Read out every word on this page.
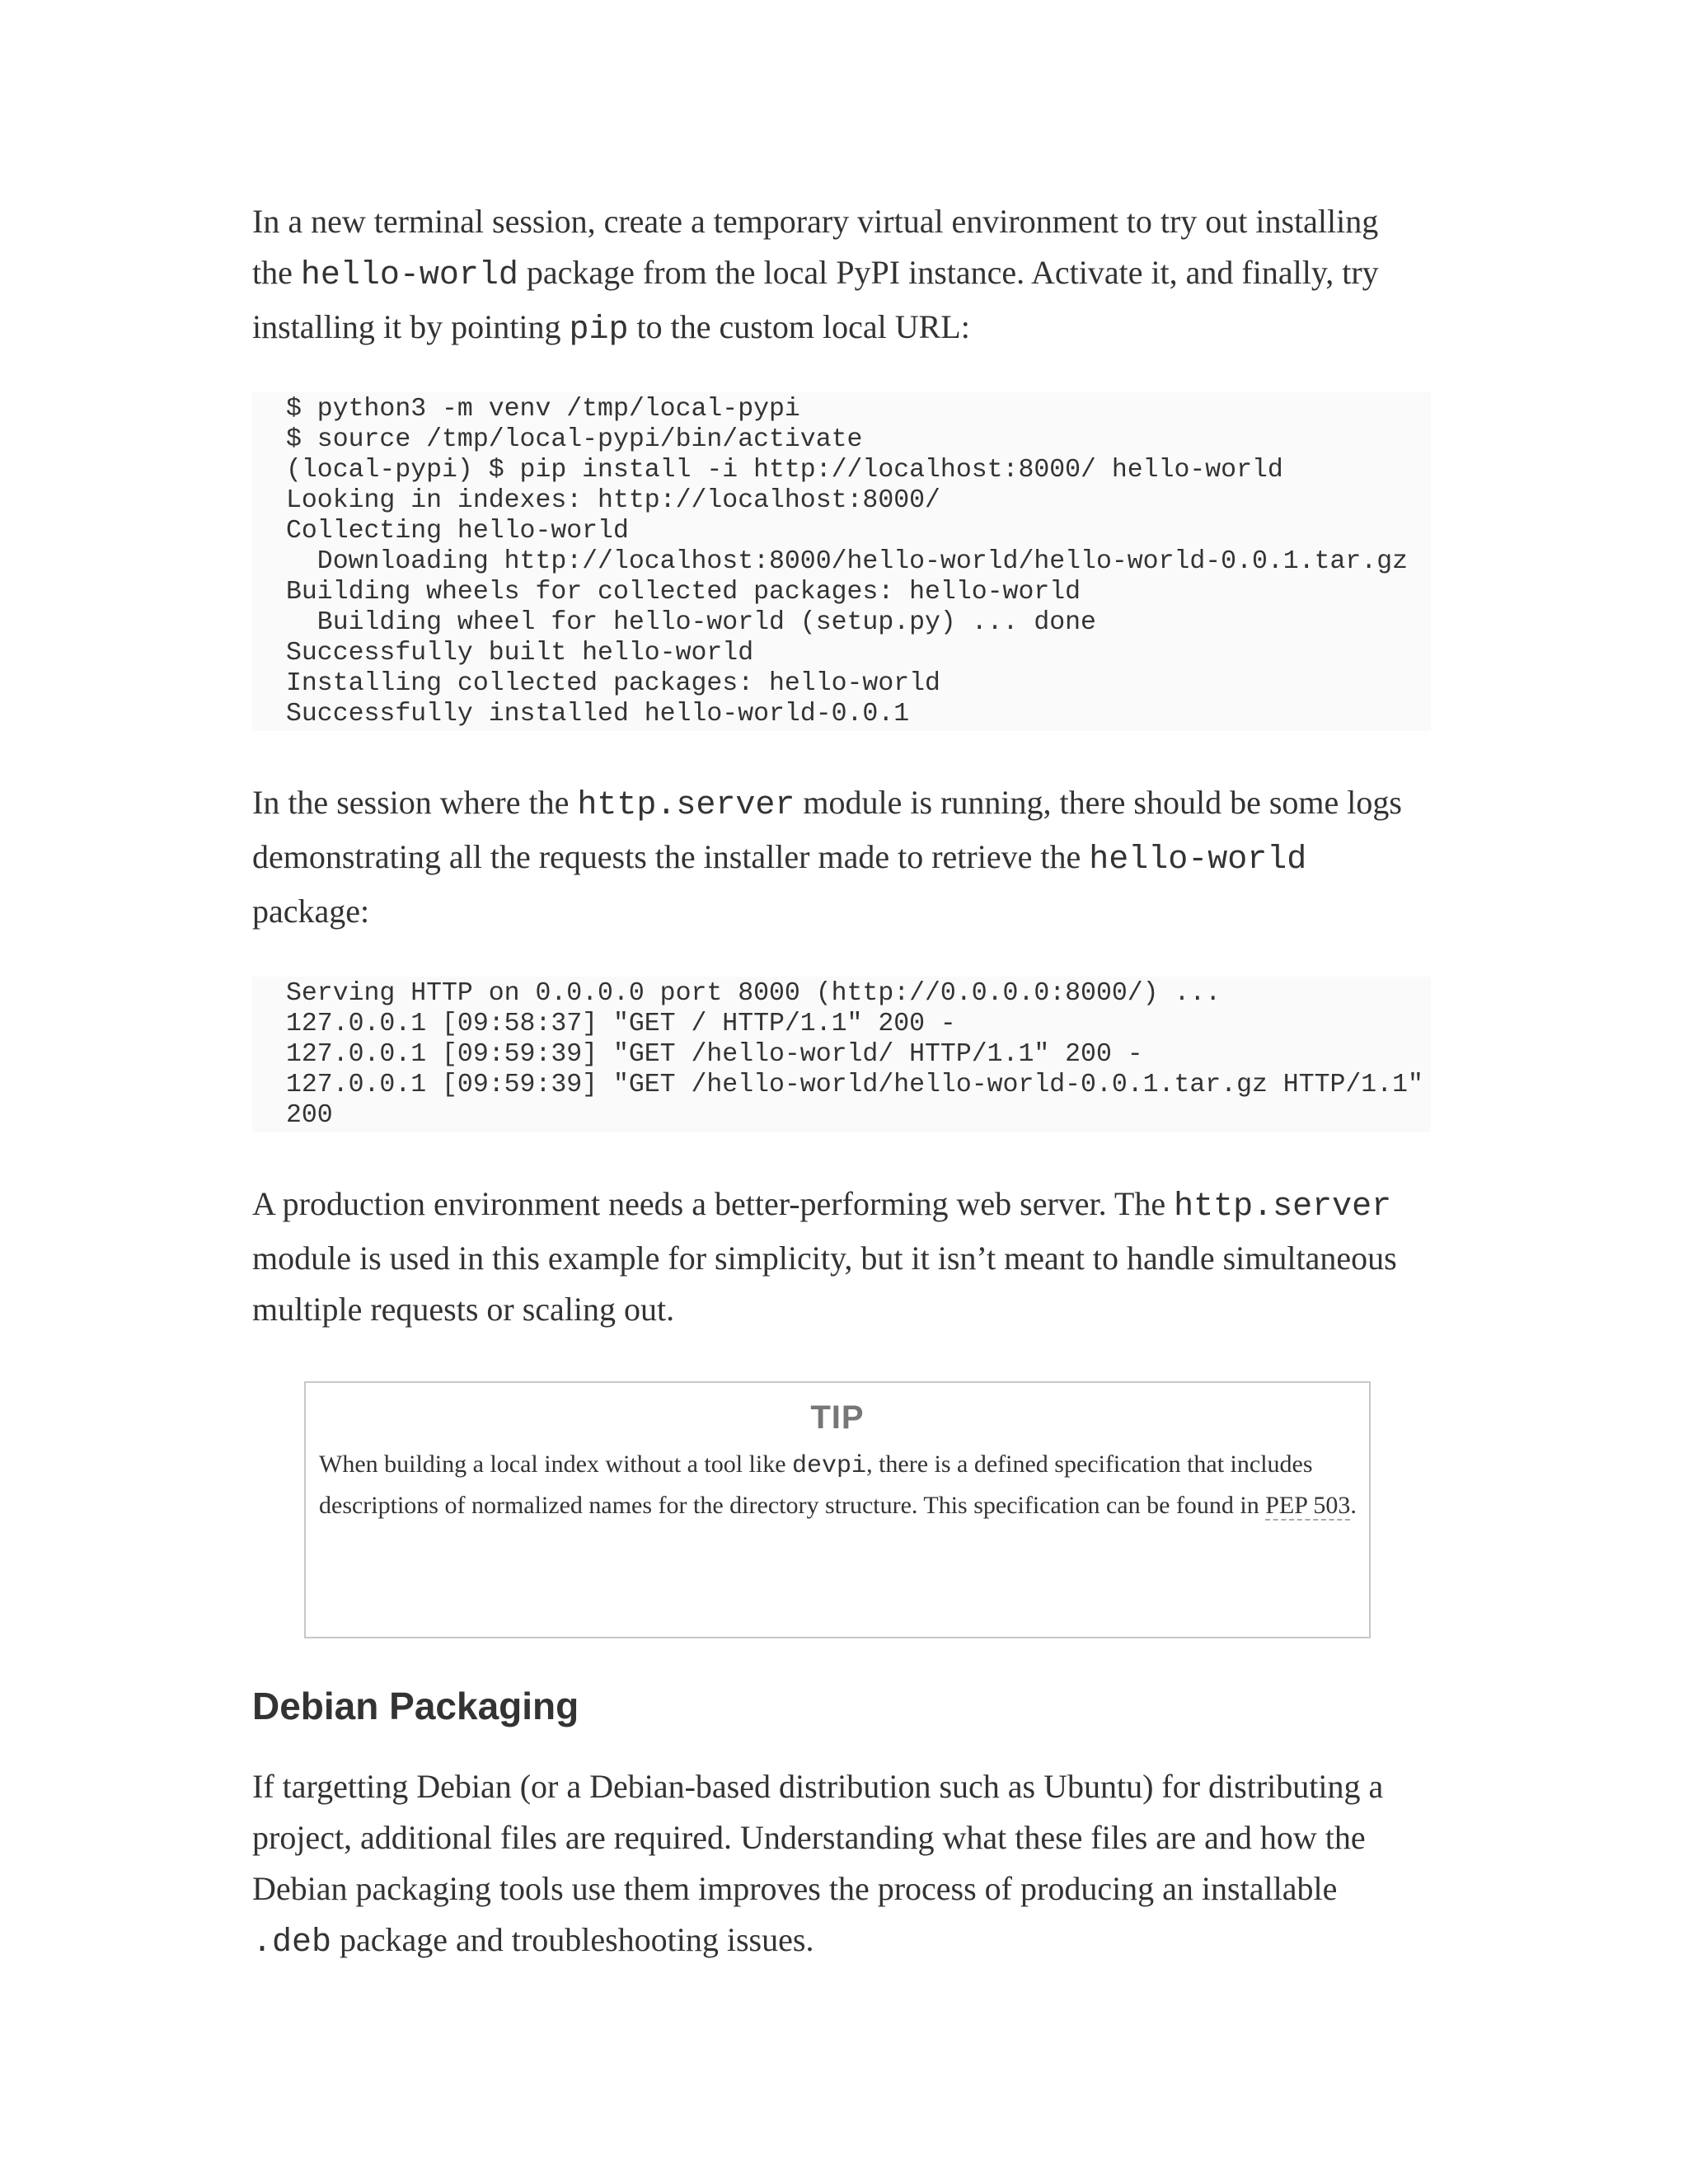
In a new terminal session, create a temporary virtual environment to try out installing the hello-world package from the local PyPI instance. Activate it, and finally, try installing it by pointing pip to the custom local URL:

$ python3 -m venv /tmp/local-pypi
$ source /tmp/local-pypi/bin/activate
(local-pypi) $ pip install -i http://localhost:8000/ hello-world
Looking in indexes: http://localhost:8000/
Collecting hello-world
Downloading http://localhost:8000/hello-world/hello-world-0.0.1.tar.gz
Building wheels for collected packages: hello-world
Building wheel for hello-world (setup.py) ... done
Successfully built hello-world
Installing collected packages: hello-world
Successfully installed hello-world-0.0.1

In the session where the http.server module is running, there should be some logs demonstrating all the requests the installer made to retrieve the hello-world package:

Serving HTTP on 0.0.0.0 port 8000 (http://0.0.0.0:8000/) ...
127.0.0.1 [09:58:37] "GET / HTTP/1.1" 200 -
127.0.0.1 [09:59:39] "GET /hello-world/ HTTP/1.1" 200 -
127.0.0.1 [09:59:39] "GET /hello-world/hello-world-0.0.1.tar.gz HTTP/1.1"
200

A production environment needs a better-performing web server. The http.server module is used in this example for simplicity, but it isn’t meant to handle simultaneous multiple requests or scaling out.

TIP
When building a local index without a tool like devpi, there is a defined specification that includes descriptions of normalized names for the directory structure. This specification can be found in PEP 503.
Debian Packaging

If targetting Debian (or a Debian-based distribution such as Ubuntu) for distributing a project, additional files are required. Understanding what these files are and how the Debian packaging tools use them improves the process of producing an installable .deb package and troubleshooting issues.
